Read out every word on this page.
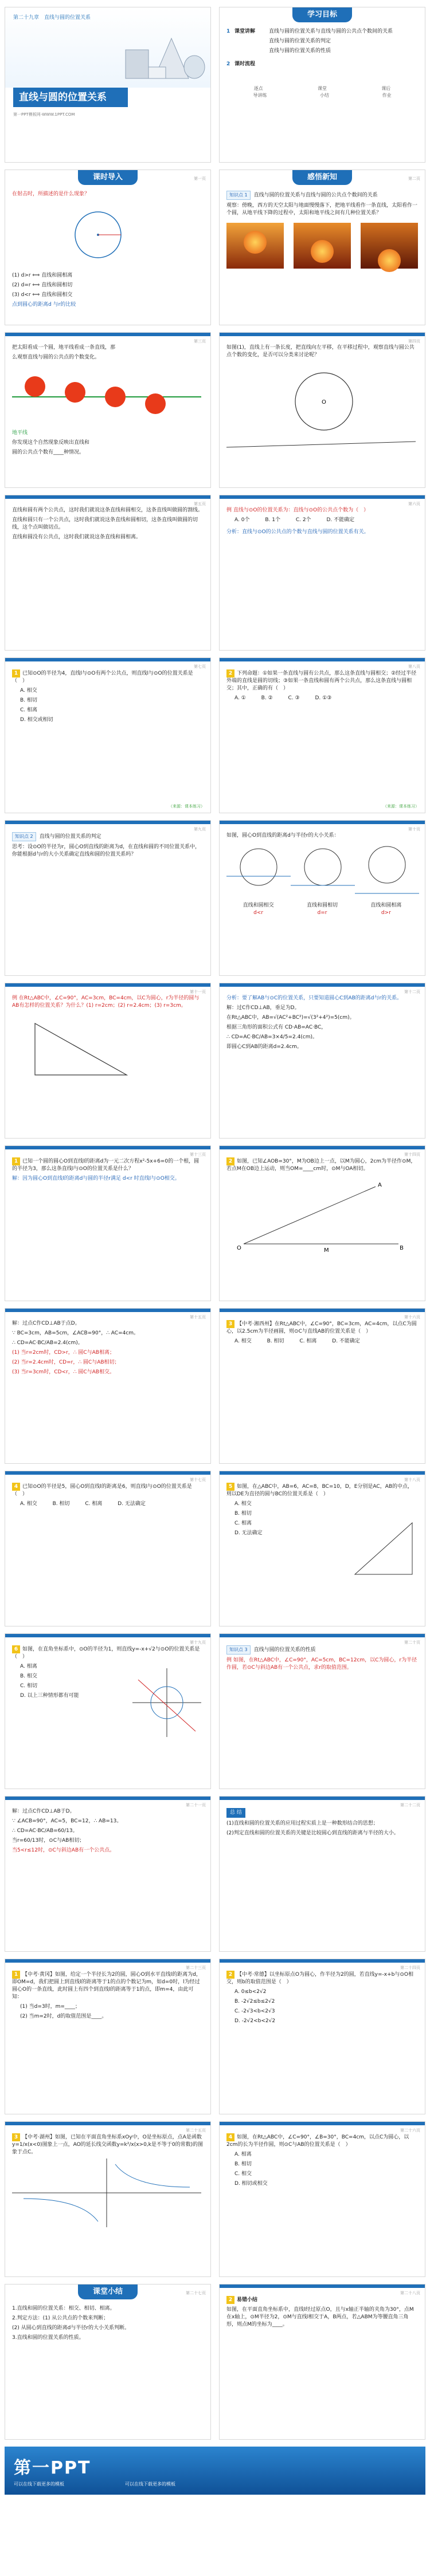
第二十九章　直线与圆的位置关系
直线与圆的位置关系
第一PPT模板网-WWW.1PPT.COM
学习目标
1 课堂讲解	直线与圆的位置关系与直线与圆的公共点个数间的关系

直线与圆的位置关系的判定

直线与圆的位置关系的性质

2 课时流程
逐点	课堂	课后
导讲练	小结	作业
课时导入	第一页

在射击时，所描述的是什么现象？

(1) d>r ⟺ 直线和圆相离

(2) d=r ⟺ 直线和圆相切

(3) d<r ⟺ 直线和圆相交

点到圆心的距离d 与r的比较

感悟新知	第二页

知识点 1 直线与圆的位置关系与直线与圆的公共点个数间的关系

观察：傍晚，西方的天空太阳与地面慢慢落下，把地平线看作一条直线，太阳看作一个圆，从地平线下降的过程中，太阳和地平线之间有几种位置关系？

第三页

把太阳看成一个圆，地平线看成一条直线，那

么观察直线与圆的公共点的个数变化。

地平线

你发现这个自然现象反映出直线和

圆的公共点个数有____种情况。

第四页

如图(1)，直线上有一条长度，把直线向左平移，在平移过程中，观察直线与圆公共点个数的变化，是否可以分类来讨论呢？

O
第五页

直线和圆有两个公共点，这时我们就说这条直线和圆相交，这条直线叫做圆的割线。

直线和圆只有一个公共点，这时我们就说这条直线和圆相切，这条直线叫做圆的切线，这个点叫做切点。

直线和圆没有公共点，这时我们就说这条直线和圆相离。

第六页

例 直线与⊙O的位置关系为：直线与⊙O的公共点个数为（　）

A. 0个	B. 1个	C. 2个	D. 不能确定

分析：直线与⊙O的公共点的个数与直线与圆的位置关系有关。

第七页

1 已知⊙O的半径为4，直线l与⊙O有两个公共点，则直线l与⊙O的位置关系是（　）

A. 相交

B. 相切

C. 相离

D. 相交或相切

（来源：课本练习）
第八页

2 下列命题：①如果一条直线与圆有公共点，那么这条直线与圆相交；②经过半径外端的直线是圆的切线；③如果一条直线和圆有两个公共点，那么这条直线与圆相交；其中，正确的有（　）

A. ①	B. ②	C. ③	D. ①③
（来源：课本练习）
第九页

知识点 2 直线与圆的位置关系的判定

思考：设⊙O的半径为r，圆心O到直线的距离为d，在直线和圆的不同位置关系中，你能根据d与r的大小关系确定直线和圆的位置关系吗？

第十页

如图，圆心O到直线的距离d与半径r的大小关系：

直线和圆相交	直线和圆相切	直线和圆相离
d<r	d=r	d>r
第十一页

例 在Rt△ABC中，∠C=90°，AC=3cm，BC=4cm，以C为圆心，r为半径的圆与AB有怎样的位置关系？为什么？(1) r=2cm；(2) r=2.4cm；(3) r=3cm。

第十二页

分析：要了解AB与⊙C的位置关系，只要知道圆心C到AB的距离d与r的关系。

解：过C作CD⊥AB，垂足为D。

在Rt△ABC中，AB=√(AC²+BC²)=√(3²+4²)=5(cm)。

根据三角形的面积公式有 CD·AB=AC·BC，

∴ CD=AC·BC/AB=3×4/5=2.4(cm)。

即圆心C到AB的距离d=2.4cm。

第十三页

1 已知一个圆的圆心O到直线l的距离d为一元二次方程x²-5x+6=0的一个根，圆的半径为3，那么这条直线l与⊙O的位置关系是什么？

解：因为圆心O到直线l的距离d与圆的半径r满足 d<r 时直线l与⊙O相交。

第十四页

2 如图，已知∠AOB=30°，M为OB边上一点，以M为圆心，2cm为半径作⊙M，若点M在OB边上运动，则当OM=____cm时，⊙M与OA相切。

O
A
M	B
第十五页

解：过点C作CD⊥AB于点D。

∵ BC=3cm，AB=5cm，∠ACB=90°，∴ AC=4cm。

∴ CD=AC·BC/AB=2.4(cm)。

(1) 当r=2cm时，CD>r，∴ 圆C与AB相离；

(2) 当r=2.4cm时，CD=r，∴ 圆C与AB相切；

(3) 当r=3cm时，CD<r，∴ 圆C与AB相交。

第十六页

3 【中考·湘西州】在Rt△ABC中，∠C=90°，BC=3cm，AC=4cm，以点C为圆心，以2.5cm为半径画圆，则⊙C与直线AB的位置关系是（　）

A. 相交	B. 相切	C. 相离	D. 不能确定
第十七页

4 已知⊙O的半径是5，圆心O到直线l的距离是6，则直线l与⊙O的位置关系是（　）

A. 相交	B. 相切	C. 相离	D. 无法确定
第十八页

5 如图，在△ABC中，AB=6，AC=8，BC=10，D，E分别是AC，AB的中点，则以DE为直径的圆与BC的位置关系是（　）

A. 相交

B. 相切

C. 相离

D. 无法确定

第十九页

6 如图，在直角坐标系中，⊙O的半径为1，则直线y=-x+√2与⊙O的位置关系是（　）

A. 相离

B. 相交

C. 相切

D. 以上三种情形都有可能

第二十页

知识点 3 直线与圆的位置关系的性质

例 如图，在Rt△ABC中，∠C=90°，AC=5cm，BC=12cm，以C为圆心，r为半径作圆，若⊙C与斜边AB有一个公共点，求r的取值范围。

第二十一页

解：过点C作CD⊥AB于D。

∵ ∠ACB=90°，AC=5，BC=12，∴ AB=13。

∴ CD=AC·BC/AB=60/13。

当r=60/13时，⊙C与AB相切；

当5<r≤12时，⊙C与斜边AB有一个公共点。

第二十二页

总 结

(1)直线和圆的位置关系的应用过程实质上是一种数形结合的思想；

(2)判定直线和圆的位置关系的关键是比较圆心到直线的距离与半径的大小。

第二十三页

1 【中考·黄冈】如图，给定一个半径长为2的圆，圆心O到水平直线l的距离为d，即OM=d，我们把圆上到直线l的距离等于1的点的个数记为m，如d=0时，l为经过圆心O的一条直线，此时圆上有四个到直线l的距离等于1的点，即m=4，由此可知：

(1) 当d=3时，m=____；

(2) 当m=2时，d的取值范围是____。

第二十四页

2 【中考·常德】以坐标原点O为圆心，作半径为2的圆，若直线y=-x+b与⊙O相交，则b的取值范围是（　）

A. 0≤b<2√2

B. -2√2≤b≤2√2

C. -2√3<b<2√3

D. -2√2<b<2√2

第二十五页

3 【中考·湖州】如图，已知在平面直角坐标系xOy中，O是坐标原点，点A是函数y=1/x(x<0)图象上一点，AO的延长线交函数y=k²/x(x>0,k是不等于0的常数)的图象于点C。

第二十六页

4 如图，在Rt△ABC中，∠C=90°，∠B=30°，BC=4cm，以点C为圆心，以2cm的长为半径作圆，则⊙C与AB的位置关系是（　）

A. 相离

B. 相切

C. 相交

D. 相切或相交

课堂小结	第二十七页

1.直线和圆的位置关系：相交、相切、相离。

2.判定方法：(1) 从公共点的个数来判断；

(2) 从圆心到直线的距离d与半径r的大小关系判断。

3.直线和圆的位置关系的性质。

第二十八页

2 易错小结

如图，在平面直角坐标系中，直线l经过原点O，且与x轴正半轴的夹角为30°，点M在x轴上，⊙M半径为2，⊙M与直线l相交于A，B两点，若△ABM为等腰直角三角形，则点M的坐标为____。

第一PPT
可以在线下载更多的模板	可以在线下载更多的模板
